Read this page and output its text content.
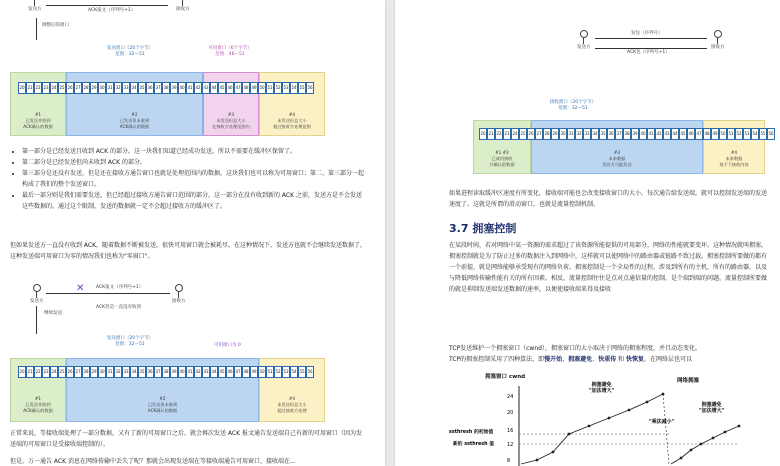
发送方	ACK报文（序列号+1）	接收方
调整后的窗口
发送窗口（20个字节）
范围：32—51
可用窗口（6个字节）
范围：46—51
20 21 22 23 24 25 26 27 28 29 30 31 32 33 34 35 36 37 38 39 40 41 42 43 44 45 46 47 48 49 50 51 52 53 54 55 56
#1
已发送并收到
ACK确认的数据
#2
已发送但未收到
ACK确认的数据
#3
未发送但总大小
在接收方处理范围内
#4
未发送但总大小
超过接收方处理范围
• 第一部分是已经发送且收到 ACK 的部分。这一块我们知道已经成功发送，所以不需要在缓冲区保留了。
• 第二部分是已经发送但尚未收到 ACK 的部分。
• 第三部分是还没有发送，但是还在接收方通告窗口也就是处理范围内的数据，这块我们也可以称为可用窗口；第二、第三部分一起构成了我们的整个发送窗口。
• 最后一部分则是我们需要发送，但已经超过接收方通告窗口范围的部分，这一部分在没有收到新的 ACK 之前，发送方是不会发送这些数据的。通过这个限制，发送的数据就一定不会超过接收方的缓冲区了。
但如果发送方一直没有收到 ACK，随着数据不断被发送，很快可用窗口就会被耗尽。在这种情况下，发送方也就不会继续发送数据了，这种发送端可用窗口为零的情况我们也称为"零窗口"。
发送方
✕	ACK报文（序列号+1）
ACK但是一直没有收到
接收方
继续发送
发送窗口（20个字节）
范围：32—51	可用窗口为 0
20 21 22 23 24 25 26 27 28 29 30 31 32 33 34 35 36 37 38 39 40 41 42 43 44 45 46 47 48 49 50 51 52 53 54 55 56
#1
已发送并收到
ACK确认的数据
#2
已发送但未收到
ACK确认的数据
#4
未发送但总大小
超过接收方处理
正常来说，等接收端处理了一部分数据，又有了新的可用窗口之后，就会再次发送 ACK 报文通告发送端自己有新的可用窗口（因为发送端的可用窗口是受接收端控制的）。
但是，万一通告 ACK 消息在网络传输中丢失了呢？那就会出现发送端在等接收端通告可用窗口，接收端在...
发送方
发包（序列号）
ACK包（序列号+1）
接收方
接收窗口（20个字节）
范围：32—51
20 21 22 23 24 25 26 27 28 29 30 31 32 33 34 35 36 37 38 39 40 41 42 43 44 45 46 47 48 49 50 51 52 53 54 55 56
#1 #2
已成功接收
并确认的数据
#3
未来数据
发送方可能发送
#4
未来数据
放不下接收内容
如果进程读取缓冲区速度有所变化，接收端可能也会改变接收窗口的大小，每次通告给发送端，就可以控制发送端的发送速度了。这就是所谓的滑动窗口，也就是流量控制机制。
3.7 拥塞控制
在某段时间，若对网络中某一资源的需求超过了该资源所能提供的可用部分，网络的性能就要变坏。这种情况就叫拥塞。拥塞控制就是为了防止过多的数据注入到网络中，这样就可以使网络中的路由器或链路不致过载。拥塞控制所要做的都有一个前提，就是网络能够承受现有的网络负荷。拥塞控制是一个全局性的过程，涉及到所有的主机，所有的路由器，以及与降低网络传输性能有关的所有因素。相反，流量控制往往是点对点通信量的控制，是个端到端的问题。流量控制所要做的就是抑制发送端发送数据的速率，以便使接收端来得及接收
TCP发送维护一个拥塞窗口（cwnd），拥塞窗口的大小取决于网络的拥塞程度，并且动态变化。
TCP的拥塞控制采用了四种算法，即慢开始、拥塞避免、快重传 和 快恢复。在网络层也可以
拥塞窗口 cwnd
24
20
16
12
8
ssthresh 的初始值
新的 ssthresh 值
拥塞避免
"加法增大"
网络拥塞
"乘法减小"
拥塞避免
"加法增大"
